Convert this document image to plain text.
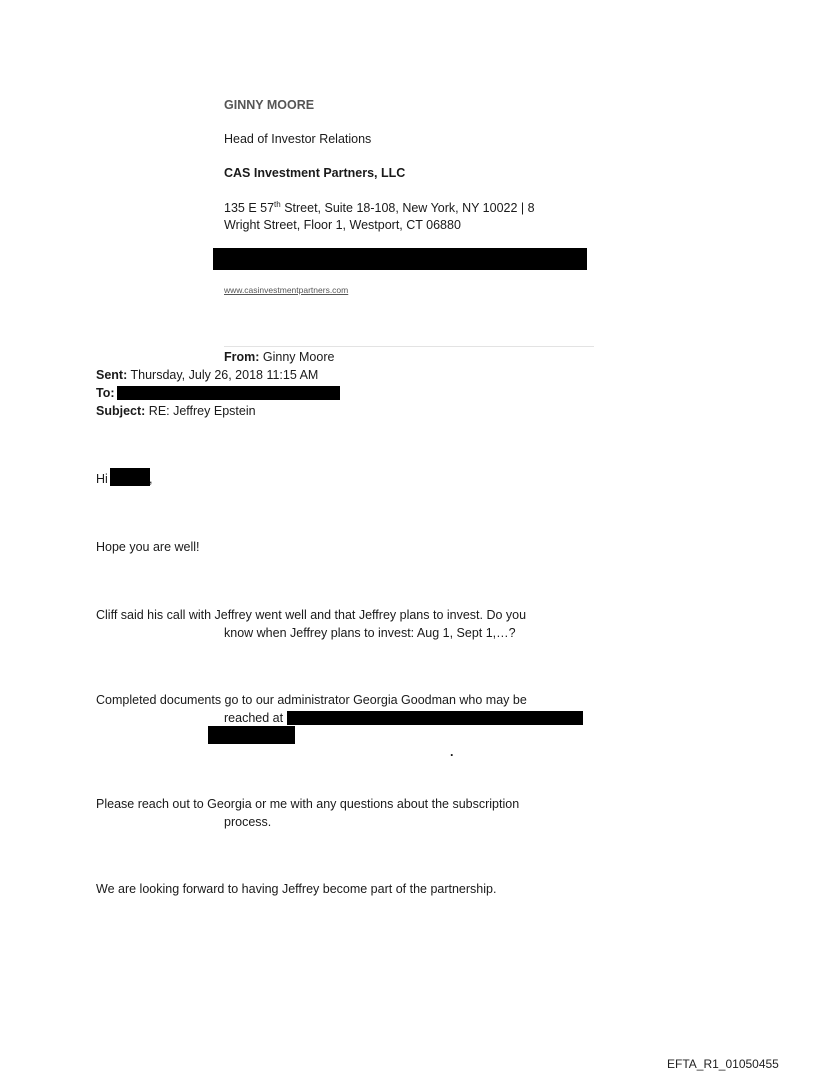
GINNY MOORE
Head of Investor Relations
CAS Investment Partners, LLC
135 E 57th Street, Suite 18-108, New York, NY 10022 | 8
Wright Street, Floor 1, Westport, CT 06880
www.casinvestmentpartners.com
From: Ginny Moore
Sent: Thursday, July 26, 2018 11:15 AM
To:
Subject: RE: Jeffrey Epstein
Hi	,
Hope you are well!
Cliff said his call with Jeffrey went well and that Jeffrey plans to invest. Do you
know when Jeffrey plans to invest: Aug 1, Sept 1,…?
Completed documents go to our administrator Georgia Goodman who may be
reached at
.
Please reach out to Georgia or me with any questions about the subscription
process.
We are looking forward to having Jeffrey become part of the partnership.
EFTA_R1_01050455
